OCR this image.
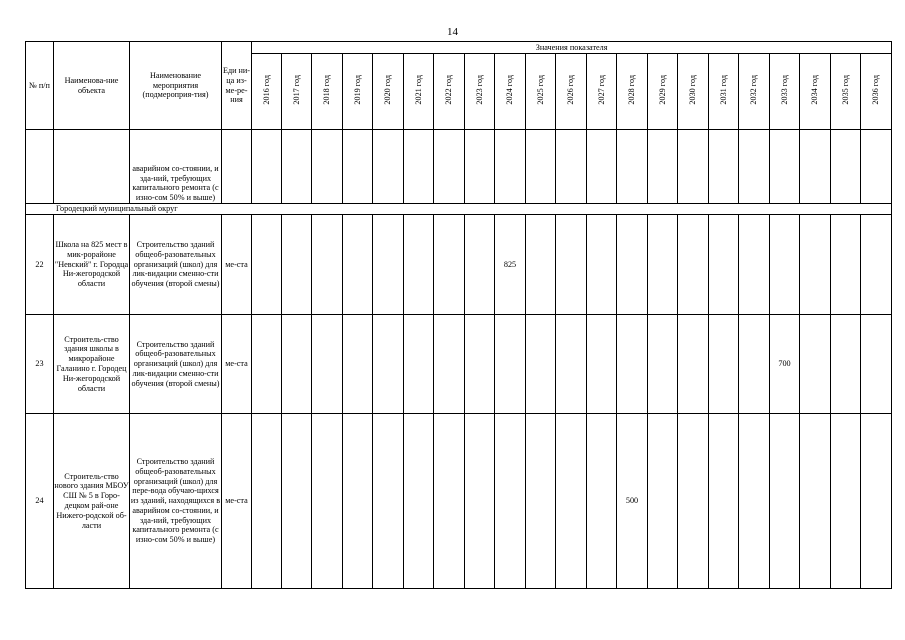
14
№ п/п	Наименова-ние объекта	Наименование мероприятия (подмероприя-тия)	Еди ни-ца из-ме-ре-ния	Значения показателя																				
				2016 год	2017 год	2018 год	2019 год	2020 год	2021 год	2022 год	2023 год	2024 год	2025 год	2026 год	2027 год	2028 год	2029 год	2030 год	2031 год	2032 год	2033 год	2034 год	2035 год	2036 год
		аварийном со-стоянии, и зда-ний, требующих капитального ремонта (с изно-сом 50% и выше)																						
Городецкий муниципальный округ																								
22	Школа на 825 мест в мик-рорайоне "Невский" г. Городца Ни-жегородской области	Строительство зданий общеоб-разовательных организаций (школ) для лик-видации сменно-сти обучения (второй смены)	ме-ста									825												
23	Строитель-ство здания школы в микрорайоне Галанино г. Городец Ни-жегородской области	Строительство зданий общеоб-разовательных организаций (школ) для лик-видации сменно-сти обучения (второй смены)	ме-ста																		700			
24	Строитель-ство нового здания МБОУ СШ № 5 в Горо-децком рай-оне Нижего-родской об-ласти	Строительство зданий общеоб-разовательных организаций (школ) для пере-вода обучаю-щихся из зданий, находящихся в аварийном со-стоянии, и зда-ний, требующих капитального ремонта (с изно-сом 50% и выше)	ме-ста													500								
